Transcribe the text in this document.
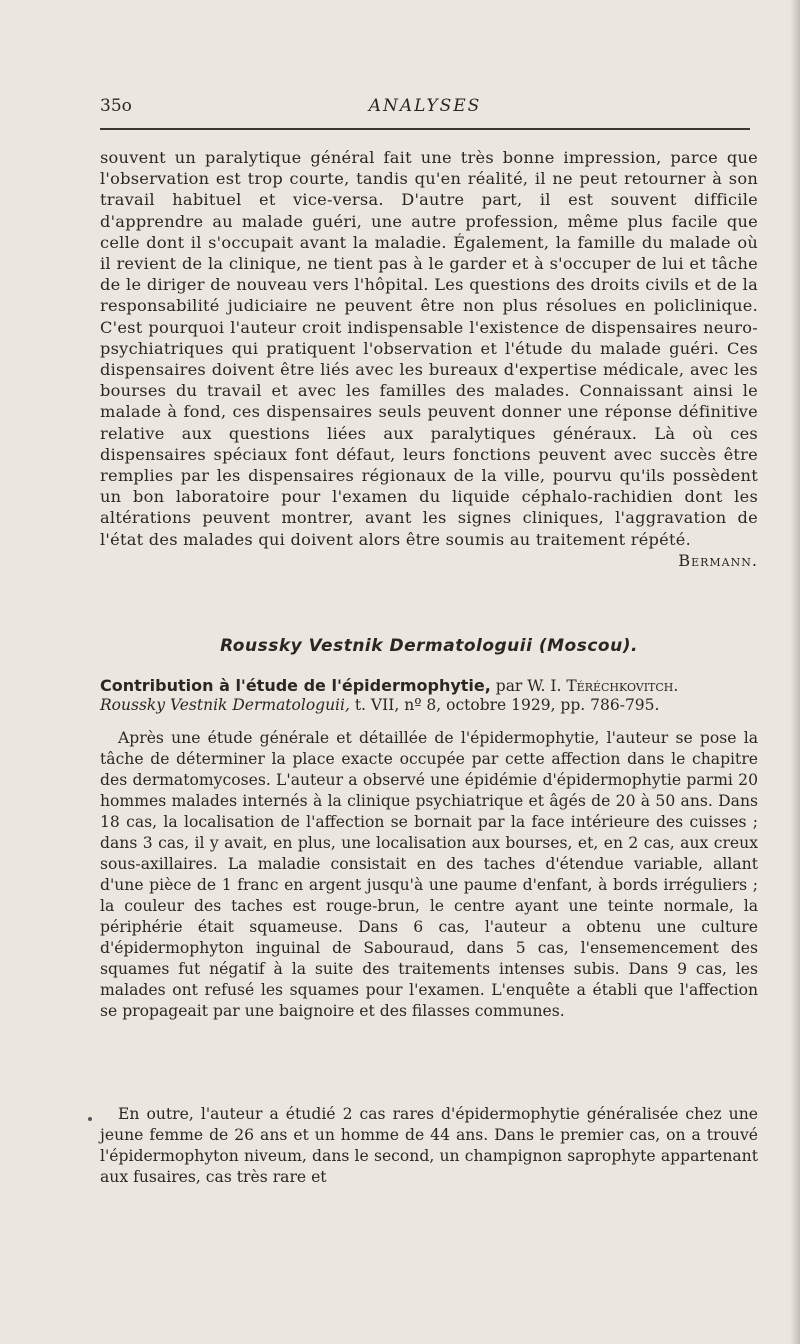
35o	ANALYSES
souvent un paralytique général fait une très bonne impression, parce que l'observation est trop courte, tandis qu'en réalité, il ne peut retourner à son travail habituel et vice-versa. D'autre part, il est souvent difficile d'apprendre au malade guéri, une autre profession, même plus facile que celle dont il s'occupait avant la maladie. Également, la famille du malade où il revient de la clinique, ne tient pas à le garder et à s'occuper de lui et tâche de le diriger de nouveau vers l'hôpital. Les questions des droits civils et de la responsabilité judiciaire ne peuvent être non plus résolues en policlinique. C'est pourquoi l'auteur croit indispensable l'existence de dispensaires neuro-psychiatriques qui pratiquent l'observation et l'étude du malade guéri. Ces dispensaires doivent être liés avec les bureaux d'expertise médicale, avec les bourses du travail et avec les familles des malades. Connaissant ainsi le malade à fond, ces dispensaires seuls peuvent donner une réponse définitive relative aux questions liées aux paralytiques généraux. Là où ces dispensaires spéciaux font défaut, leurs fonctions peuvent avec succès être remplies par les dispensaires régionaux de la ville, pourvu qu'ils possèdent un bon laboratoire pour l'examen du liquide céphalo-rachidien dont les altérations peuvent montrer, avant les signes cliniques, l'aggravation de l'état des malades qui doivent alors être soumis au traitement répété.
Bermann.
Roussky Vestnik Dermatologuii (Moscou).
Contribution à l'étude de l'épidermophytie, par W. I. Téréchkovitch.
Roussky Vestnik Dermatologuii, t. VII, nº 8, octobre 1929, pp. 786-795.
Après une étude générale et détaillée de l'épidermophytie, l'auteur se pose la tâche de déterminer la place exacte occupée par cette affection dans le chapitre des dermatomycoses. L'auteur a observé une épidémie d'épidermophytie parmi 20 hommes malades internés à la clinique psychiatrique et âgés de 20 à 50 ans. Dans 18 cas, la localisation de l'affection se bornait par la face intérieure des cuisses ; dans 3 cas, il y avait, en plus, une localisation aux bourses, et, en 2 cas, aux creux sous-axillaires. La maladie consistait en des taches d'étendue variable, allant d'une pièce de 1 franc en argent jusqu'à une paume d'enfant, à bords irréguliers ; la couleur des taches est rouge-brun, le centre ayant une teinte normale, la périphérie était squameuse. Dans 6 cas, l'auteur a obtenu une culture d'épidermophyton inguinal de Sabouraud, dans 5 cas, l'ensemencement des squames fut négatif à la suite des traitements intenses subis. Dans 9 cas, les malades ont refusé les squames pour l'examen. L'enquête a établi que l'affection se propageait par une baignoire et des filasses communes.
En outre, l'auteur a étudié 2 cas rares d'épidermophytie généralisée chez une jeune femme de 26 ans et un homme de 44 ans. Dans le premier cas, on a trouvé l'épidermophyton niveum, dans le second, un champignon saprophyte appartenant aux fusaires, cas très rare et
